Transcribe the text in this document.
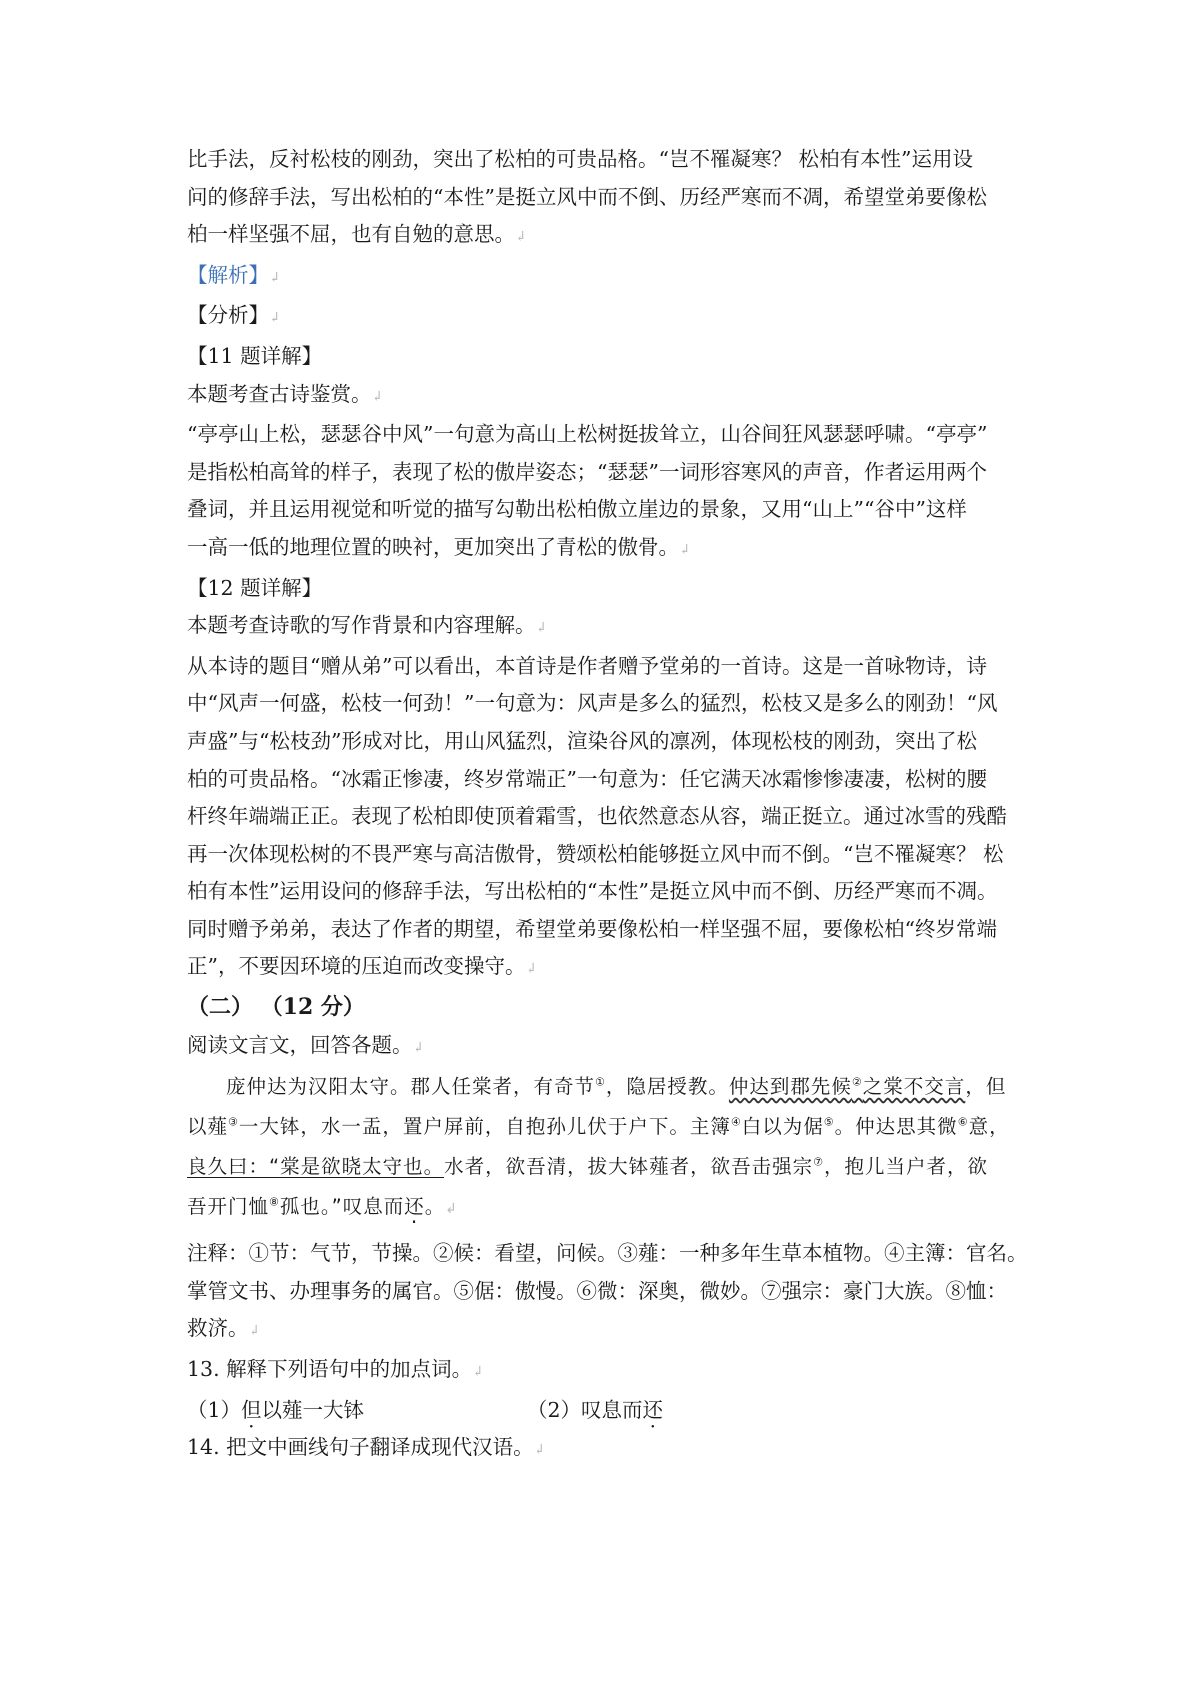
比手法，反衬松枝的刚劲，突出了松柏的可贵品格。“岂不罹凝寒？ 松柏有本性”运用设

问的修辞手法，写出松柏的“本性”是挺立风中而不倒、历经严寒而不凋，希望堂弟要像松

柏一样坚强不屈，也有自勉的意思。↲

【解析】↲

【分析】↲

【11 题详解】

本题考查古诗鉴赏。↲

“亭亭山上松，瑟瑟谷中风”一句意为高山上松树挺拔耸立，山谷间狂风瑟瑟呼啸。“亭亭”

是指松柏高耸的样子，表现了松的傲岸姿态；“瑟瑟”一词形容寒风的声音，作者运用两个

叠词，并且运用视觉和听觉的描写勾勒出松柏傲立崖边的景象，又用“山上”“谷中”这样

一高一低的地理位置的映衬，更加突出了青松的傲骨。↲

【12 题详解】

本题考查诗歌的写作背景和内容理解。↲

从本诗的题目“赠从弟”可以看出，本首诗是作者赠予堂弟的一首诗。这是一首咏物诗，诗

中“风声一何盛，松枝一何劲！”一句意为：风声是多么的猛烈，松枝又是多么的刚劲！“风

声盛”与“松枝劲”形成对比，用山风猛烈，渲染谷风的凛冽，体现松枝的刚劲，突出了松

柏的可贵品格。“冰霜正惨凄，终岁常端正”一句意为：任它满天冰霜惨惨凄凄，松树的腰

杆终年端端正正。表现了松柏即使顶着霜雪，也依然意态从容，端正挺立。通过冰雪的残酷

再一次体现松树的不畏严寒与高洁傲骨，赞颂松柏能够挺立风中而不倒。“岂不罹凝寒？ 松

柏有本性”运用设问的修辞手法，写出松柏的“本性”是挺立风中而不倒、历经严寒而不凋。

同时赠予弟弟，表达了作者的期望，希望堂弟要像松柏一样坚强不屈，要像松柏“终岁常端

正”，不要因环境的压迫而改变操守。↲

（二） （12 分）

阅读文言文，回答各题。↲

庞仲达为汉阳太守。郡人任棠者，有奇节①，隐居授教。仲达到郡先候②之棠不交言，但

以薤③一大钵，水一盂，置户屏前，自抱孙儿伏于户下。主簿④白以为倨⑤。仲达思其微⑥意，

良久曰：“棠是欲晓太守也。水者，欲吾清，拔大钵薤者，欲吾击强宗⑦，抱儿当户者，欲

吾开门恤⑧孤也。”叹息而还。↲

注释：①节：气节，节操。②候：看望，问候。③薤：一种多年生草本植物。④主簿：官名。

掌管文书、办理事务的属官。⑤倨：傲慢。⑥微：深奥，微妙。⑦强宗：豪门大族。⑧恤：

救济。↲

13. 解释下列语句中的加点词。↲

（1）但以薤一大钵	（2）叹息而还

14. 把文中画线句子翻译成现代汉语。↲
